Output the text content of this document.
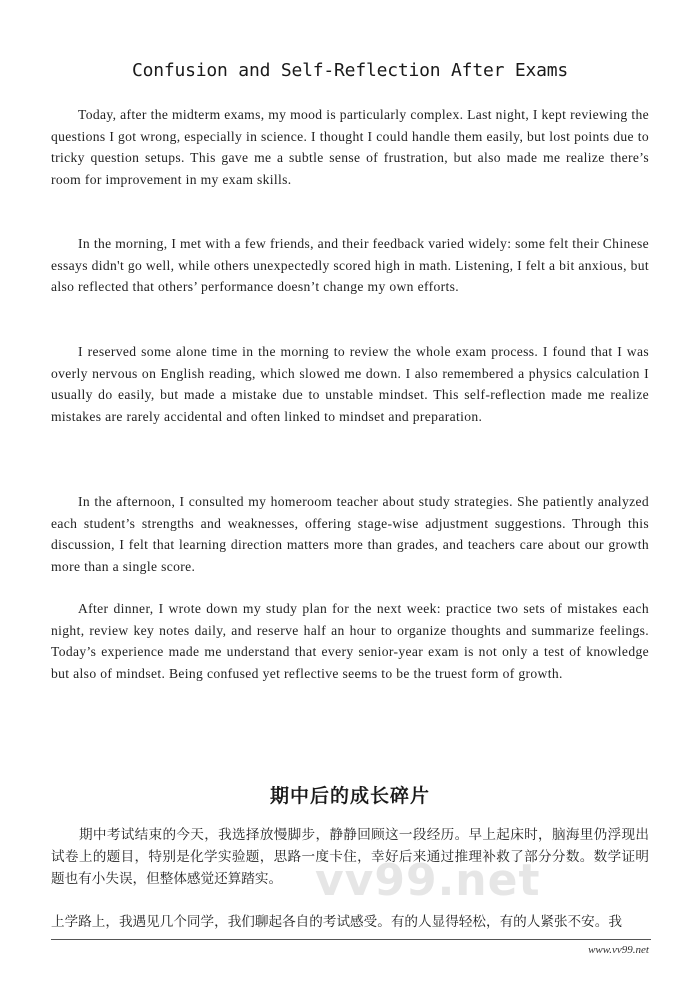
Confusion and Self-Reflection After Exams

Today, after the midterm exams, my mood is particularly complex. Last night, I kept reviewing the questions I got wrong, especially in science. I thought I could handle them easily, but lost points due to tricky question setups. This gave me a subtle sense of frustration, but also made me realize there’s room for improvement in my exam skills.

In the morning, I met with a few friends, and their feedback varied widely: some felt their Chinese essays didn't go well, while others unexpectedly scored high in math. Listening, I felt a bit anxious, but also reflected that others’ performance doesn’t change my own efforts.

I reserved some alone time in the morning to review the whole exam process. I found that I was overly nervous on English reading, which slowed me down. I also remembered a physics calculation I usually do easily, but made a mistake due to unstable mindset. This self-reflection made me realize mistakes are rarely accidental and often linked to mindset and preparation.

In the afternoon, I consulted my homeroom teacher about study strategies. She patiently analyzed each student’s strengths and weaknesses, offering stage-wise adjustment suggestions. Through this discussion, I felt that learning direction matters more than grades, and teachers care about our growth more than a single score.

After dinner, I wrote down my study plan for the next week: practice two sets of mistakes each night, review key notes daily, and reserve half an hour to organize thoughts and summarize feelings. Today’s experience made me understand that every senior-year exam is not only a test of knowledge but also of mindset. Being confused yet reflective seems to be the truest form of growth.

期中后的成长碎片
vv99.net

期中考试结束的今天，我选择放慢脚步，静静回顾这一段经历。早上起床时，脑海里仍浮现出试卷上的题目，特别是化学实验题，思路一度卡住，幸好后来通过推理补救了部分分数。数学证明题也有小失误，但整体感觉还算踏实。

上学路上，我遇见几个同学，我们聊起各自的考试感受。有的人显得轻松，有的人紧张不安。我

www.vv99.net
